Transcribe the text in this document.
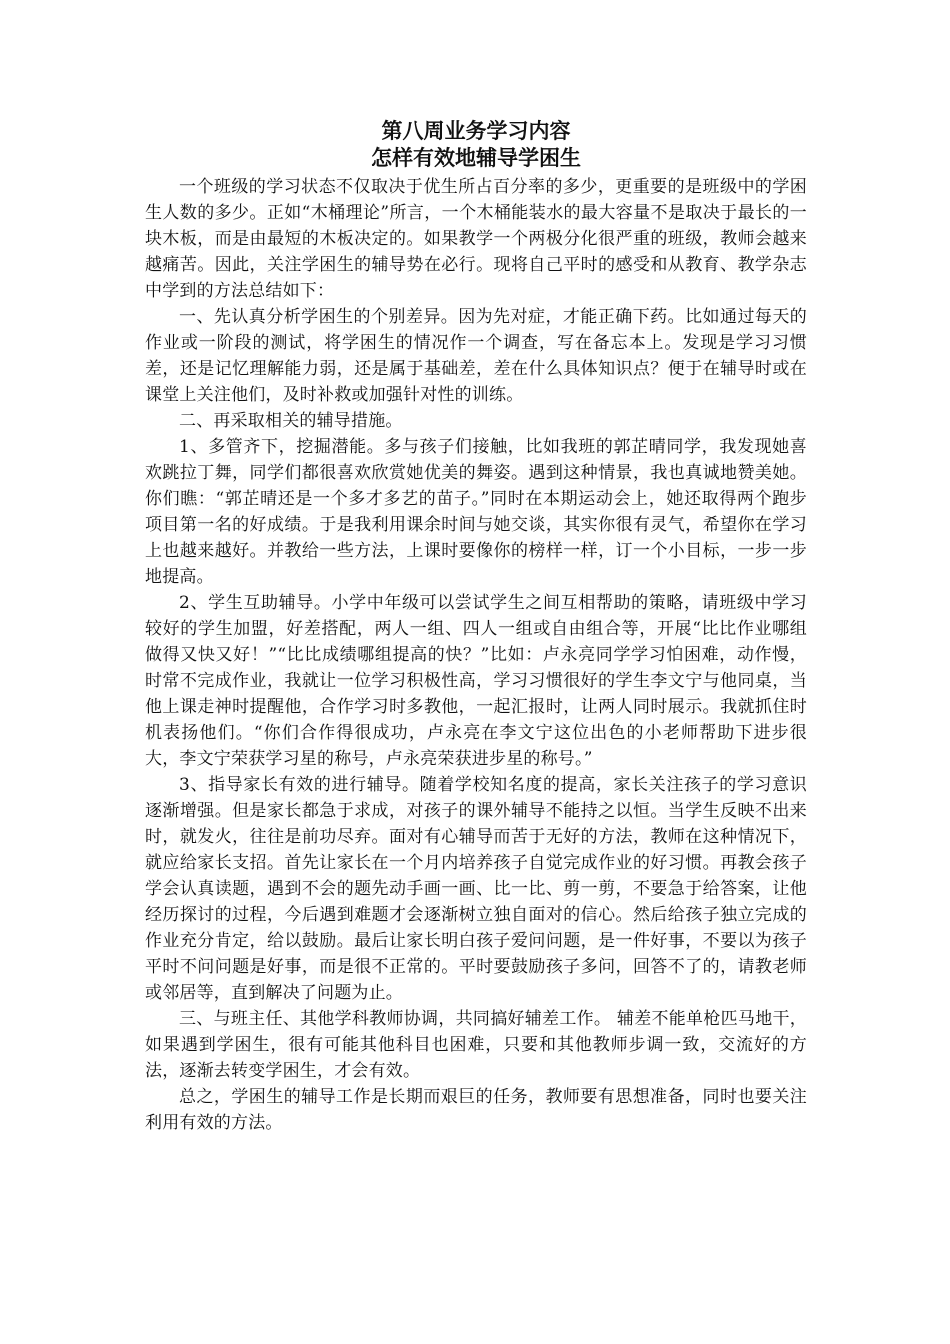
第八周业务学习内容
怎样有效地辅导学困生

一个班级的学习状态不仅取决于优生所占百分率的多少，更重要的是班级中的学困生人数的多少。正如“木桶理论”所言，一个木桶能装水的最大容量不是取决于最长的一块木板，而是由最短的木板决定的。如果教学一个两极分化很严重的班级，教师会越来越痛苦。因此，关注学困生的辅导势在必行。现将自己平时的感受和从教育、教学杂志中学到的方法总结如下：

一、先认真分析学困生的个别差异。因为先对症，才能正确下药。比如通过每天的作业或一阶段的测试，将学困生的情况作一个调查，写在备忘本上。发现是学习习惯差，还是记忆理解能力弱，还是属于基础差，差在什么具体知识点？便于在辅导时或在课堂上关注他们，及时补救或加强针对性的训练。

二、再采取相关的辅导措施。

1、多管齐下，挖掘潜能。多与孩子们接触，比如我班的郭芷晴同学，我发现她喜欢跳拉丁舞，同学们都很喜欢欣赏她优美的舞姿。遇到这种情景，我也真诚地赞美她。你们瞧：“郭芷晴还是一个多才多艺的苗子。”同时在本期运动会上，她还取得两个跑步项目第一名的好成绩。于是我利用课余时间与她交谈，其实你很有灵气，希望你在学习上也越来越好。并教给一些方法，上课时要像你的榜样一样，订一个小目标，一步一步地提高。

2、学生互助辅导。小学中年级可以尝试学生之间互相帮助的策略，请班级中学习较好的学生加盟，好差搭配，两人一组、四人一组或自由组合等，开展“比比作业哪组做得又快又好！”“比比成绩哪组提高的快？”比如：卢永亮同学学习怕困难，动作慢，时常不完成作业，我就让一位学习积极性高，学习习惯很好的学生李文宁与他同桌，当他上课走神时提醒他，合作学习时多教他，一起汇报时，让两人同时展示。我就抓住时机表扬他们。“你们合作得很成功，卢永亮在李文宁这位出色的小老师帮助下进步很大，李文宁荣获学习星的称号，卢永亮荣获进步星的称号。”

3、指导家长有效的进行辅导。随着学校知名度的提高，家长关注孩子的学习意识逐渐增强。但是家长都急于求成，对孩子的课外辅导不能持之以恒。当学生反映不出来时，就发火，往往是前功尽弃。面对有心辅导而苦于无好的方法，教师在这种情况下，就应给家长支招。首先让家长在一个月内培养孩子自觉完成作业的好习惯。再教会孩子学会认真读题，遇到不会的题先动手画一画、比一比、剪一剪，不要急于给答案，让他经历探讨的过程，今后遇到难题才会逐渐树立独自面对的信心。然后给孩子独立完成的作业充分肯定，给以鼓励。最后让家长明白孩子爱问问题，是一件好事，不要以为孩子平时不问问题是好事，而是很不正常的。平时要鼓励孩子多问，回答不了的，请教老师或邻居等，直到解决了问题为止。

三、与班主任、其他学科教师协调，共同搞好辅差工作。 辅差不能单枪匹马地干，如果遇到学困生，很有可能其他科目也困难，只要和其他教师步调一致，交流好的方法，逐渐去转变学困生，才会有效。

总之，学困生的辅导工作是长期而艰巨的任务，教师要有思想准备，同时也要关注利用有效的方法。
